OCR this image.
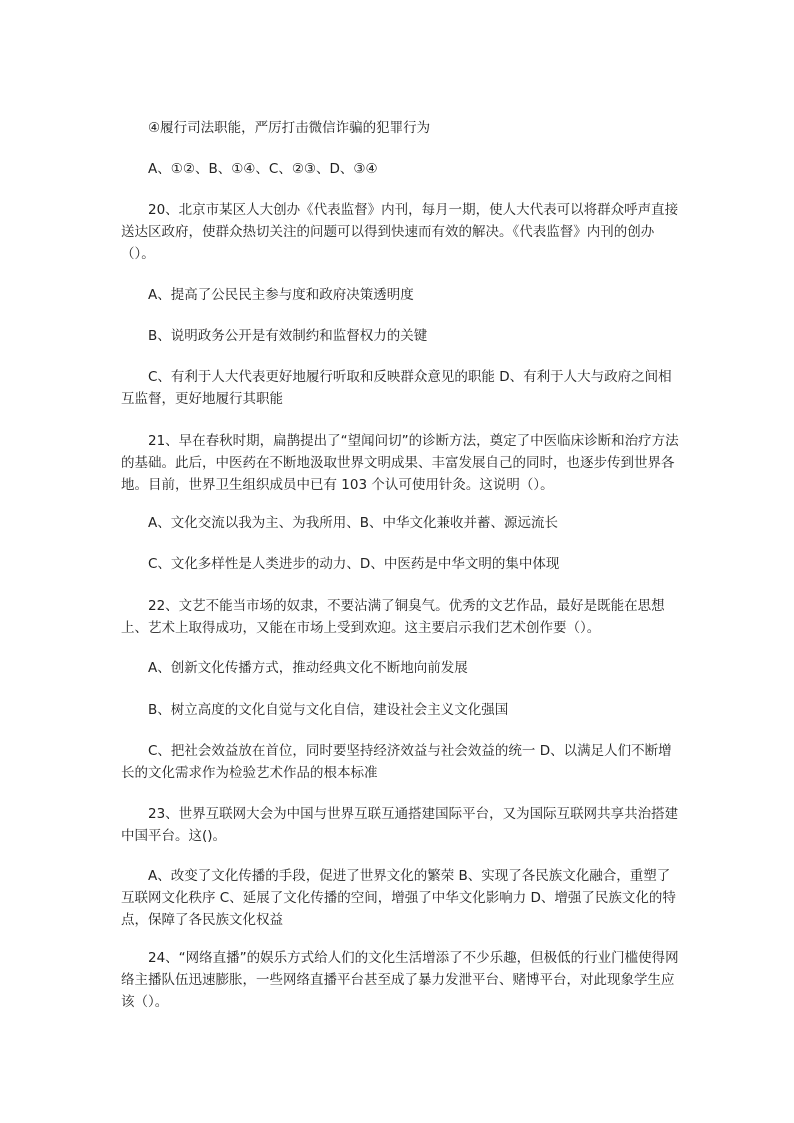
④履行司法职能，严厉打击微信诈骗的犯罪行为

A、①②、B、①④、C、②③、D、③④

20、北京市某区人大创办《代表监督》内刊，每月一期，使人大代表可以将群众呼声直接送达区政府，使群众热切关注的问题可以得到快速而有效的解决。《代表监督》内刊的创办（）。

A、提高了公民民主参与度和政府决策透明度

B、说明政务公开是有效制约和监督权力的关键

C、有利于人大代表更好地履行听取和反映群众意见的职能 D、有利于人大与政府之间相互监督，更好地履行其职能

21、早在春秋时期，扁鹊提出了“望闻问切”的诊断方法，奠定了中医临床诊断和治疗方法的基础。此后，中医药在不断地汲取世界文明成果、丰富发展自己的同时，也逐步传到世界各地。目前，世界卫生组织成员中已有 103 个认可使用针灸。这说明（）。

A、文化交流以我为主、为我所用、B、中华文化兼收并蓄、源远流长

C、文化多样性是人类进步的动力、D、中医药是中华文明的集中体现

22、文艺不能当市场的奴隶，不要沾满了铜臭气。优秀的文艺作品，最好是既能在思想上、艺术上取得成功，又能在市场上受到欢迎。这主要启示我们艺术创作要（）。

A、创新文化传播方式，推动经典文化不断地向前发展

B、树立高度的文化自觉与文化自信，建设社会主义文化强国

C、把社会效益放在首位，同时要坚持经济效益与社会效益的统一 D、以满足人们不断增长的文化需求作为检验艺术作品的根本标准

23、世界互联网大会为中国与世界互联互通搭建国际平台，又为国际互联网共享共治搭建中国平台。这()。

A、改变了文化传播的手段，促进了世界文化的繁荣 B、实现了各民族文化融合，重塑了互联网文化秩序 C、延展了文化传播的空间，增强了中华文化影响力 D、增强了民族文化的特点，保障了各民族文化权益

24、“网络直播”的娱乐方式给人们的文化生活增添了不少乐趣，但极低的行业门槛使得网络主播队伍迅速膨胀，一些网络直播平台甚至成了暴力发泄平台、赌博平台，对此现象学生应该（）。
